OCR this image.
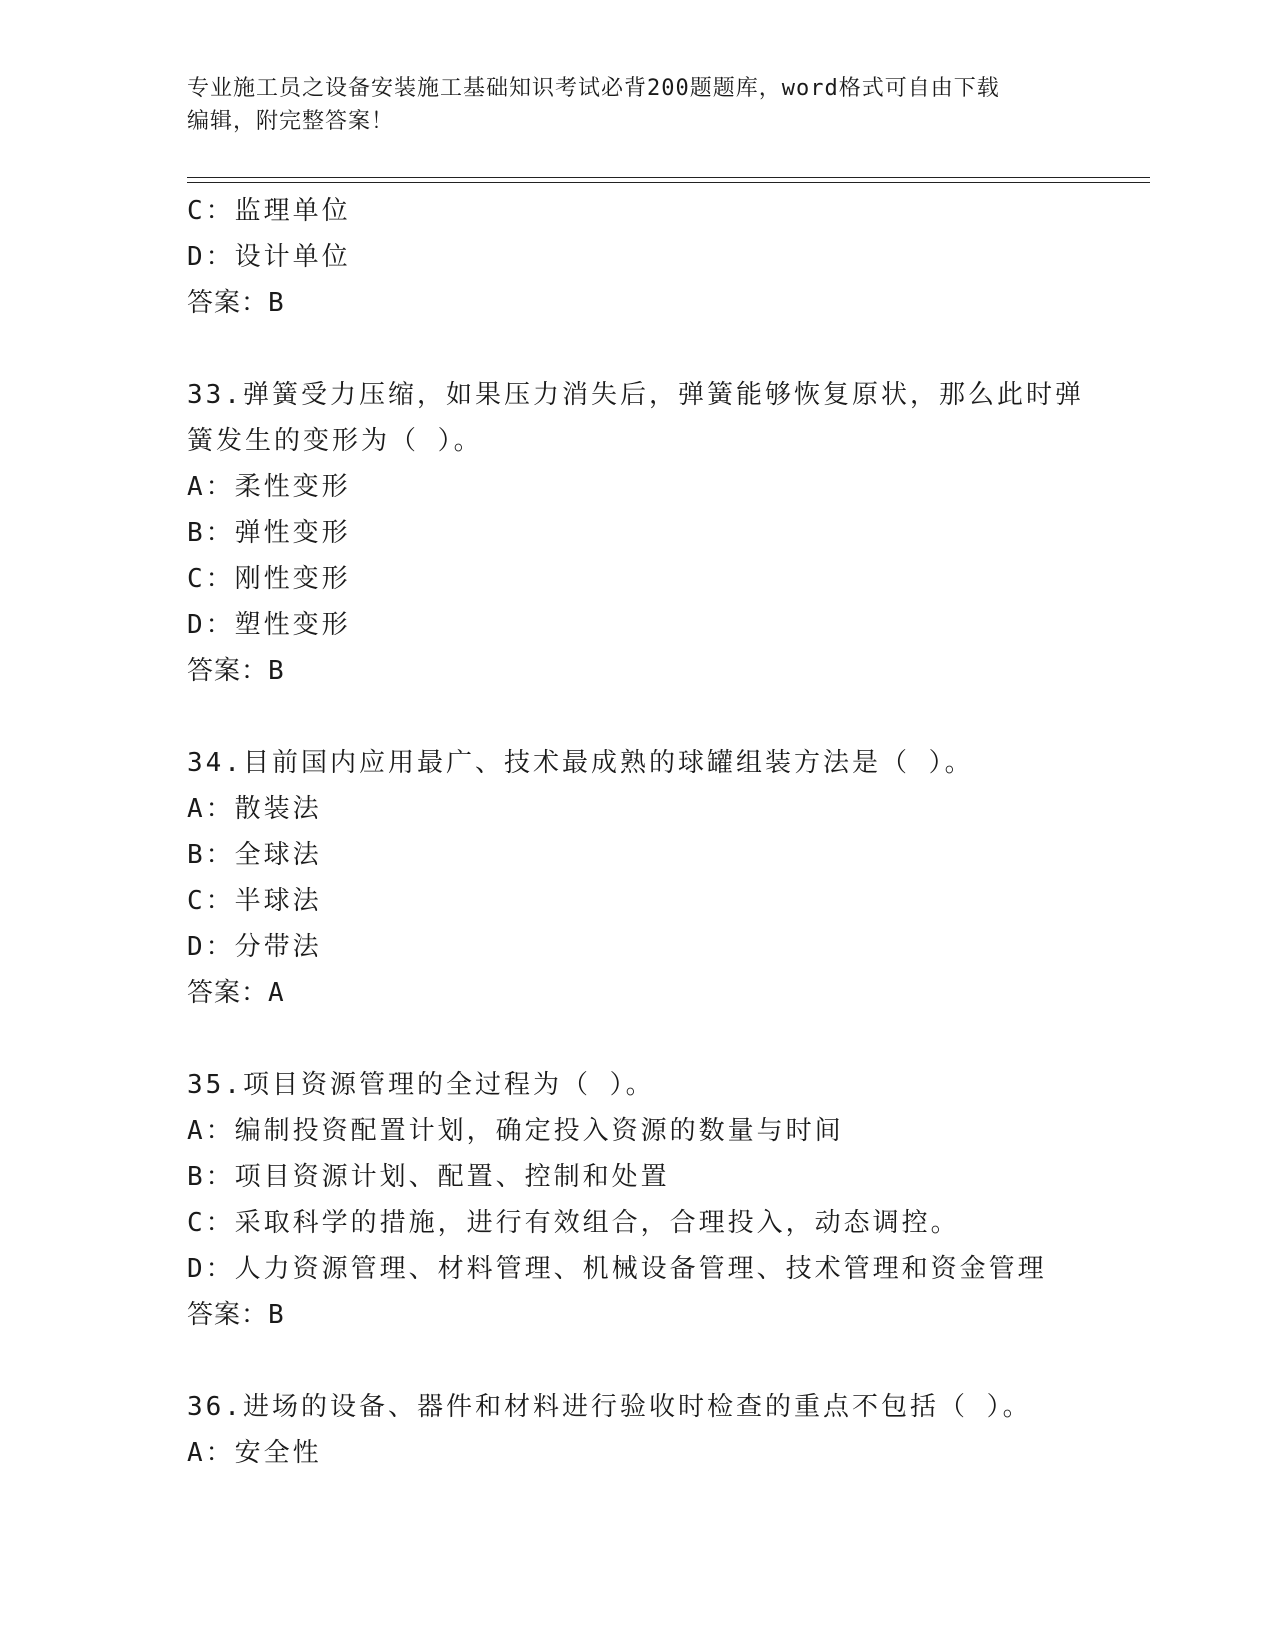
专业施工员之设备安装施工基础知识考试必背200题题库，word格式可自由下载
编辑，附完整答案！
C：监理单位
D：设计单位
答案：B
33.弹簧受力压缩，如果压力消失后，弹簧能够恢复原状，那么此时弹
簧发生的变形为（ ）。
A：柔性变形
B：弹性变形
C：刚性变形
D：塑性变形
答案：B
34.目前国内应用最广、技术最成熟的球罐组装方法是（ ）。
A：散装法
B：全球法
C：半球法
D：分带法
答案：A
35.项目资源管理的全过程为（ ）。
A：编制投资配置计划，确定投入资源的数量与时间
B：项目资源计划、配置、控制和处置
C：采取科学的措施，进行有效组合，合理投入，动态调控。
D：人力资源管理、材料管理、机械设备管理、技术管理和资金管理
答案：B
36.进场的设备、器件和材料进行验收时检查的重点不包括（ ）。
A：安全性
